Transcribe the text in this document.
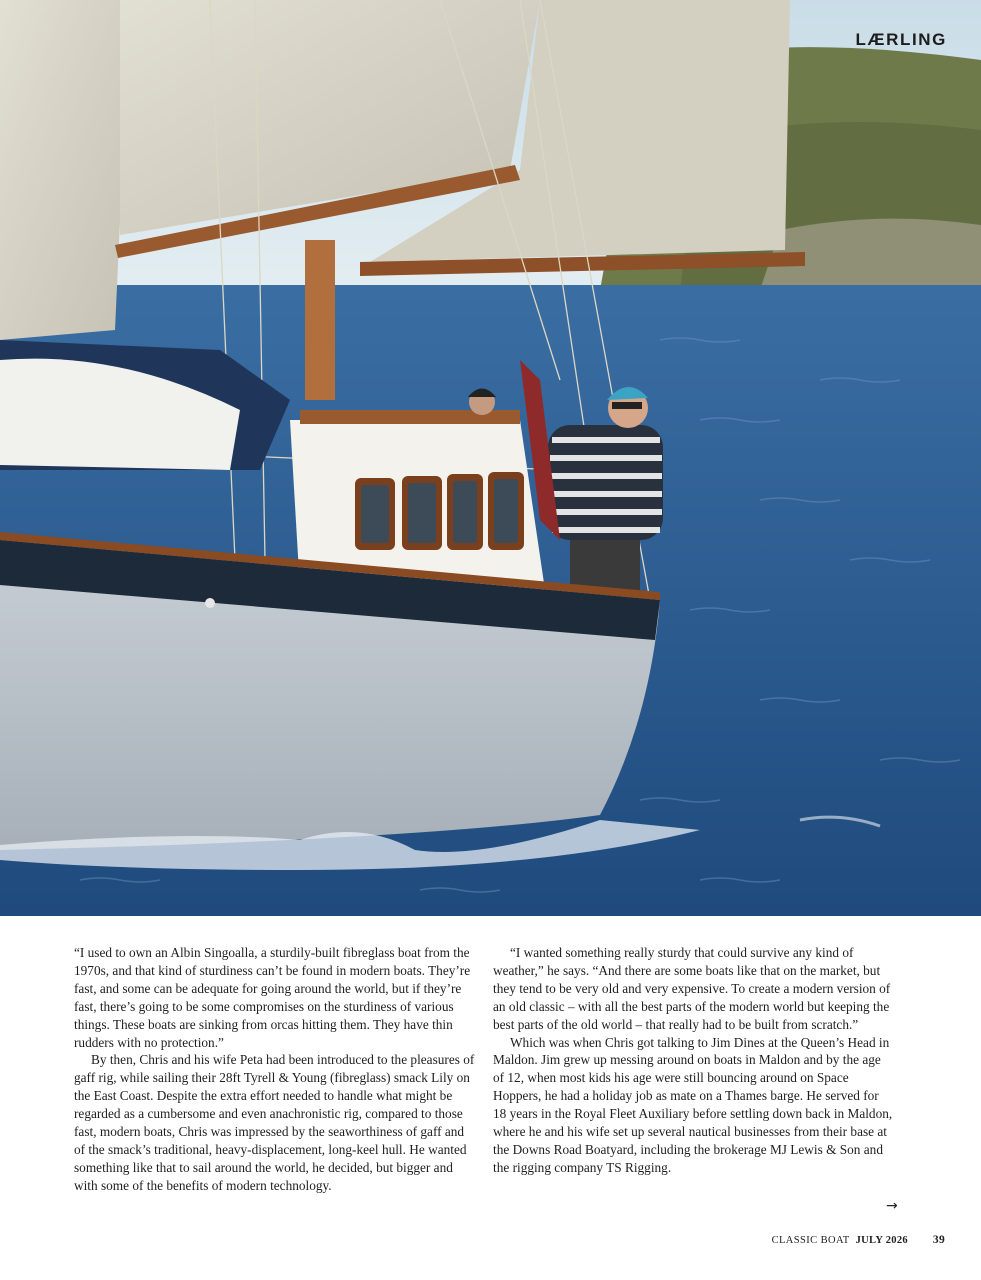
LÆRLING

“I used to own an Albin Singoalla, a sturdily-built fibreglass boat from the 1970s, and that kind of sturdiness can’t be found in modern boats. They’re fast, and some can be adequate for going around the world, but if they’re fast, there’s going to be some compromises on the sturdiness of various things. These boats are sinking from orcas hitting them. They have thin rudders with no protection.”

By then, Chris and his wife Peta had been introduced to the pleasures of gaff rig, while sailing their 28ft Tyrell & Young (fibreglass) smack Lily on the East Coast. Despite the extra effort needed to handle what might be regarded as a cumbersome and even anachronistic rig, compared to those fast, modern boats, Chris was impressed by the seaworthiness of gaff and of the smack’s traditional, heavy-displacement, long-keel hull. He wanted something like that to sail around the world, he decided, but bigger and with some of the benefits of modern technology.

“I wanted something really sturdy that could survive any kind of weather,” he says. “And there are some boats like that on the market, but they tend to be very old and very expensive. To create a modern version of an old classic – with all the best parts of the modern world but keeping the best parts of the old world – that really had to be built from scratch.”

Which was when Chris got talking to Jim Dines at the Queen’s Head in Maldon. Jim grew up messing around on boats in Maldon and by the age of 12, when most kids his age were still bouncing around on Space Hoppers, he had a holiday job as mate on a Thames barge. He served for 18 years in the Royal Fleet Auxiliary before settling down back in Maldon, where he and his wife set up several nautical businesses from their base at the Downs Road Boatyard, including the brokerage MJ Lewis & Son and the rigging company TS Rigging.

→
CLASSIC BOAT JULY 2026 39
